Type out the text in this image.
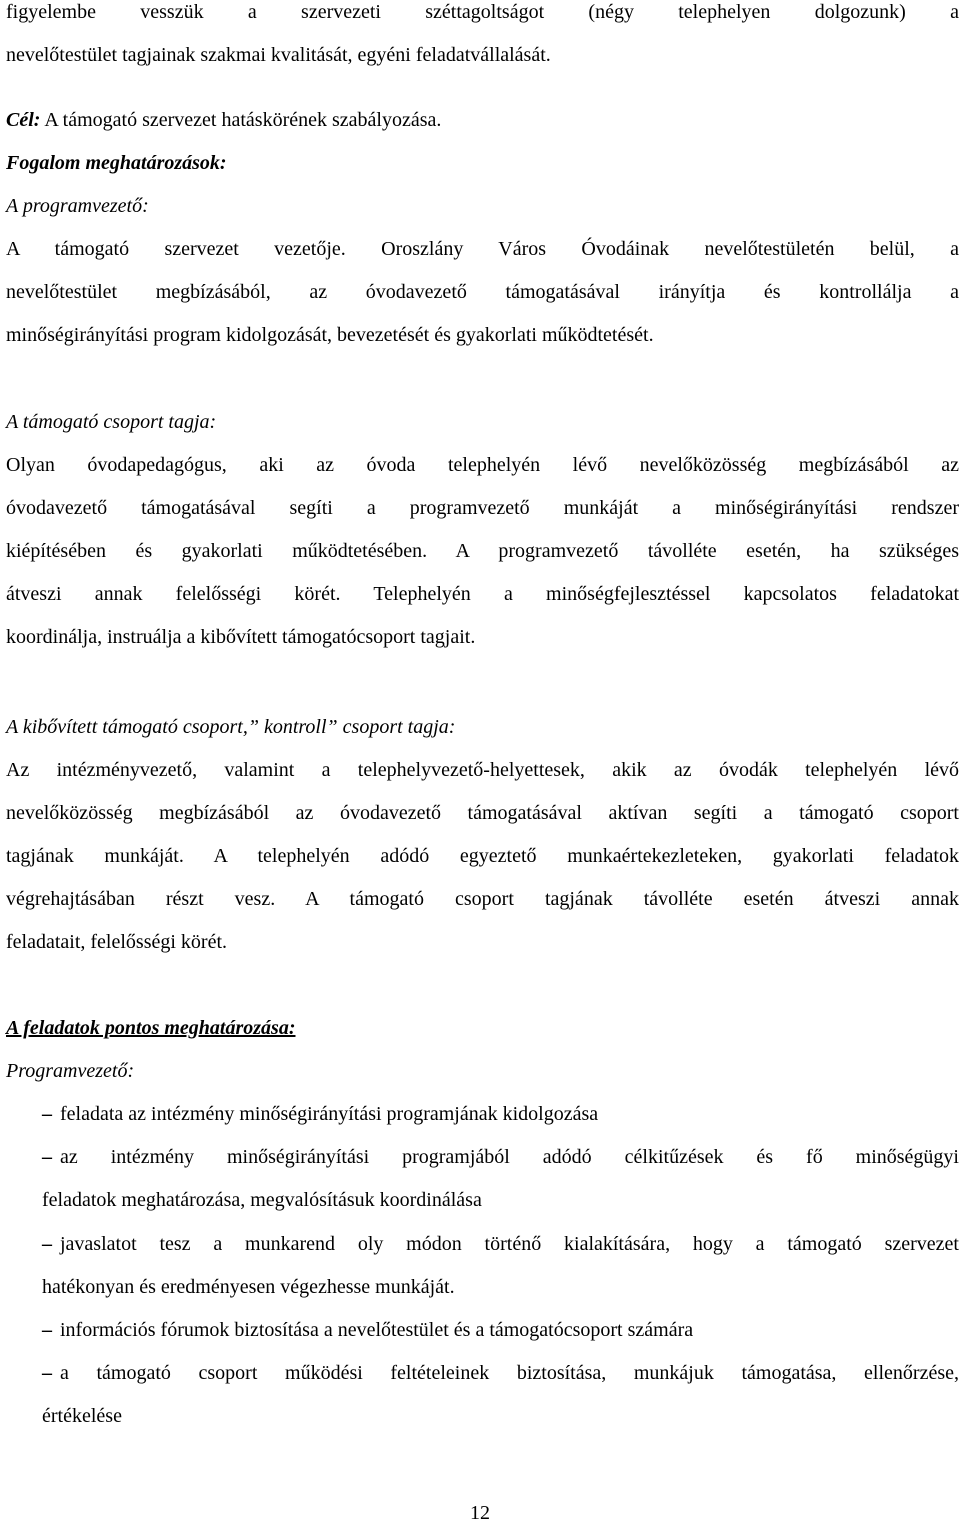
figyelembe vesszük a szervezeti széttagoltságot (négy telephelyen dolgozunk) a
nevelőtestület tagjainak szakmai kvalitását, egyéni feladatvállalását.
Cél: A támogató szervezet hatáskörének szabályozása.
Fogalom meghatározások:
A programvezető:
A támogató szervezet vezetője. Oroszlány Város Óvodáinak nevelőtestületén belül, a
nevelőtestület megbízásából, az óvodavezető támogatásával irányítja és kontrollálja a
minőségirányítási program kidolgozását, bevezetését és gyakorlati működtetését.
A támogató csoport tagja:
Olyan óvodapedagógus, aki az óvoda telephelyén lévő nevelőközösség megbízásából az
óvodavezető támogatásával segíti a programvezető munkáját a minőségirányítási rendszer
kiépítésében és gyakorlati működtetésében. A programvezető távolléte esetén, ha szükséges
átveszi annak felelősségi körét. Telephelyén a minőségfejlesztéssel kapcsolatos feladatokat
koordinálja, instruálja a kibővített támogatócsoport tagjait.
A kibővített támogató csoport,” kontroll” csoport tagja:
Az intézményvezető, valamint a telephelyvezető-helyettesek, akik az óvodák telephelyén lévő
nevelőközösség megbízásából az óvodavezető támogatásával aktívan segíti a támogató csoport
tagjának munkáját. A telephelyén adódó egyeztető munkaértekezleteken, gyakorlati feladatok
végrehajtásában részt vesz. A támogató csoport tagjának távolléte esetén átveszi annak
feladatait, felelősségi körét.
A feladatok pontos meghatározása:
Programvezető:
– feladata az intézmény minőségirányítási programjának kidolgozása
– az intézmény minőségirányítási programjából adódó célkitűzések és fő minőségügyi
feladatok meghatározása, megvalósításuk koordinálása
– javaslatot tesz a munkarend oly módon történő kialakítására, hogy a támogató szervezet
hatékonyan és eredményesen végezhesse munkáját.
– információs fórumok biztosítása a nevelőtestület és a támogatócsoport számára
– a támogató csoport működési feltételeinek biztosítása, munkájuk támogatása, ellenőrzése,
értékelése
12
